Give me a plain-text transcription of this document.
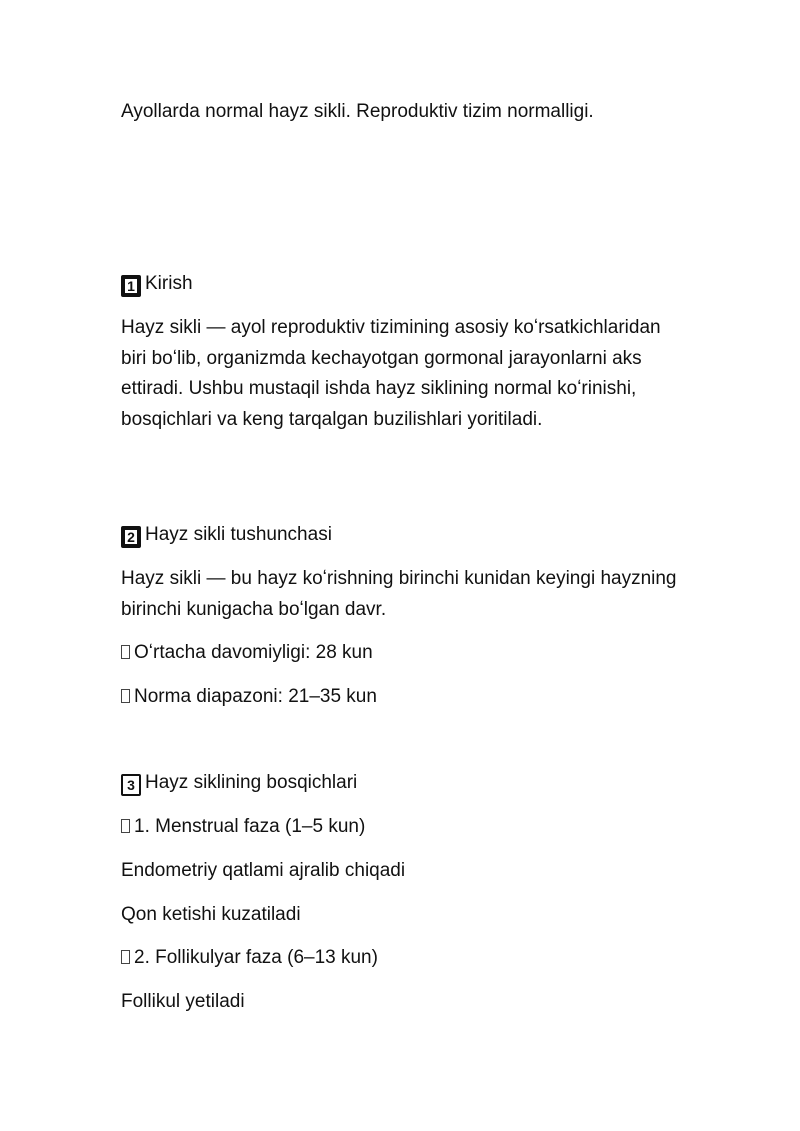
Ayollarda normal hayz sikli. Reproduktiv tizim normalligi.

1 Kirish

Hayz sikli — ayol reproduktiv tizimining asosiy koʻrsatkichlaridan biri boʻlib, organizmda kechayotgan gormonal jarayonlarni aks ettiradi. Ushbu mustaqil ishda hayz siklining normal koʻrinishi, bosqichlari va keng tarqalgan buzilishlari yoritiladi.

2 Hayz sikli tushunchasi

Hayz sikli — bu hayz koʻrishning birinchi kunidan keyingi hayzning birinchi kunigacha boʻlgan davr.

Oʻrtacha davomiyligi: 28 kun

Norma diapazoni: 21–35 kun

3 Hayz siklining bosqichlari

1. Menstrual faza (1–5 kun)

Endometriy qatlami ajralib chiqadi

Qon ketishi kuzatiladi

2. Follikulyar faza (6–13 kun)

Follikul yetiladi
